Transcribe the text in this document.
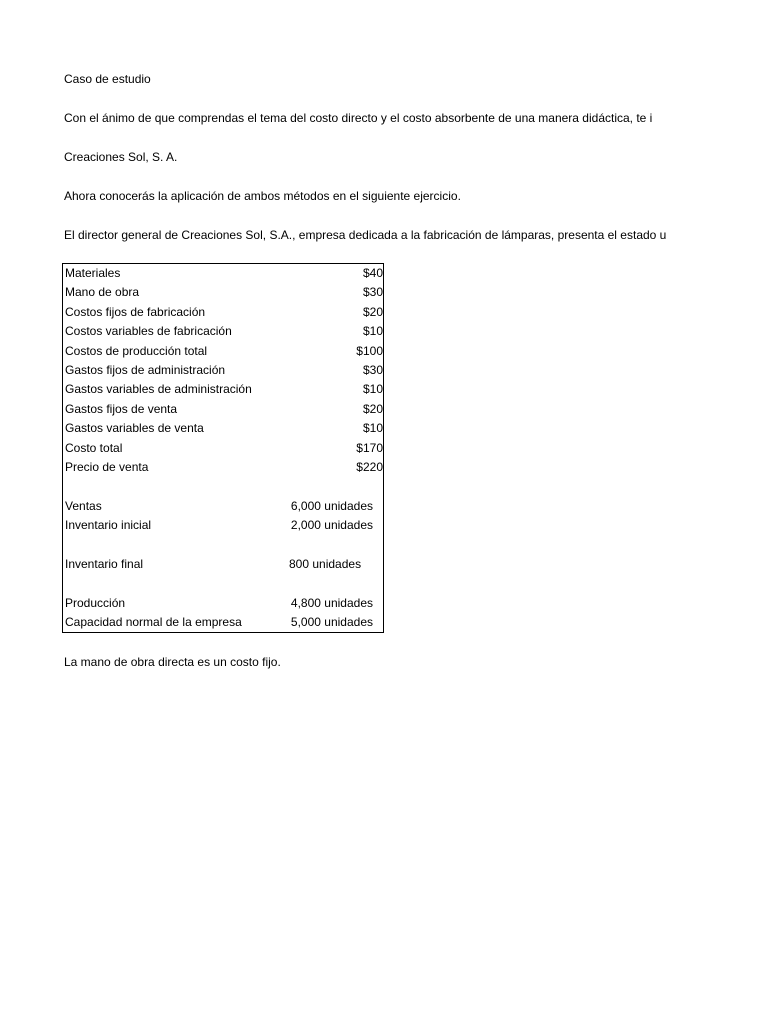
Caso de estudio
Con el ánimo de que comprendas el tema del costo directo y el costo absorbente de una manera didáctica, te i
Creaciones Sol, S. A.
Ahora conocerás la aplicación de ambos métodos en el siguiente ejercicio.
El director general de Creaciones Sol, S.A., empresa dedicada a la fabricación de lámparas, presenta el estado u
Materiales	$40
Mano de obra	$30
Costos fijos de fabricación	$20
Costos variables de fabricación	$10
Costos de producción total	$100
Gastos fijos de administración	$30
Gastos variables de administración	$10
Gastos fijos de venta	$20
Gastos variables de venta	$10
Costo total	$170
Precio de venta	$220
Ventas	6,000 unidades
Inventario inicial	2,000 unidades
Inventario final	800 unidades
Producción	4,800 unidades
Capacidad normal de la empresa	5,000 unidades
La mano de obra directa es un costo fijo.
